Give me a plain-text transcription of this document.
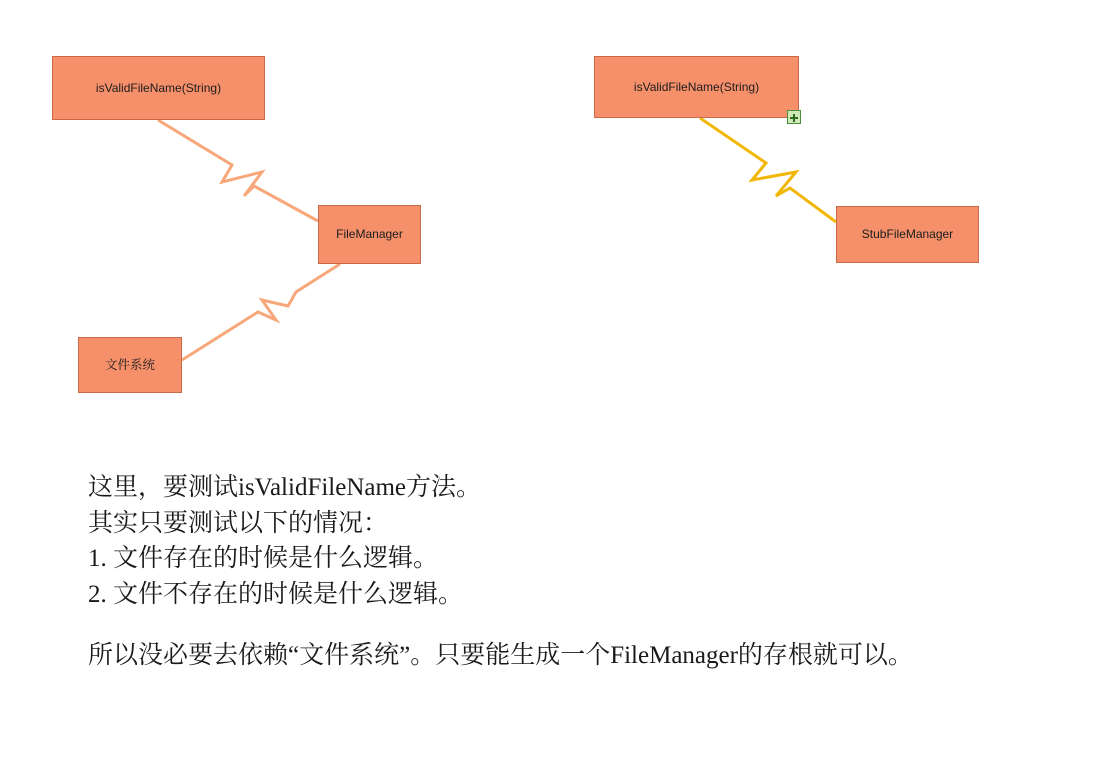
isValidFileName(String)
FileManager
文件系统
isValidFileName(String)
StubFileManager
这里，要测试isValidFileName方法。
其实只要测试以下的情况：
1. 文件存在的时候是什么逻辑。
2. 文件不存在的时候是什么逻辑。

所以没必要去依赖“文件系统”。只要能生成一个FileManager的存根就可以。
